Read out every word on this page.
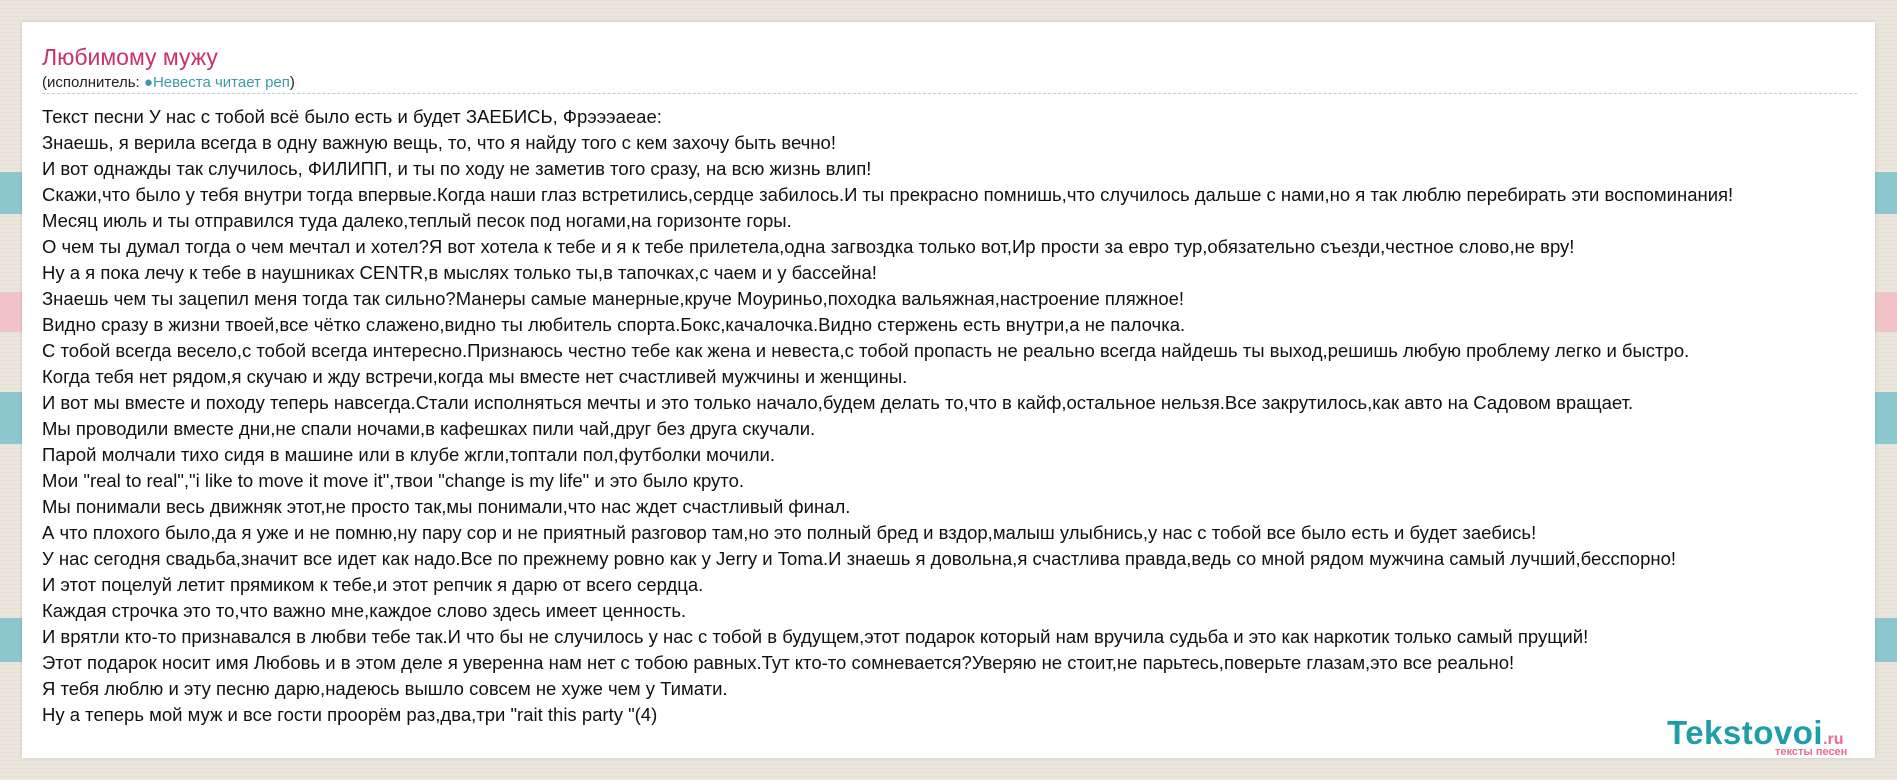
Любимому мужу
(исполнитель: ●Невеста читает реп)
Текст песни У нас с тобой всё было есть и будет ЗАЕБИСЬ, Фрэээаеае:
Знаешь, я верила всегда в одну важную вещь, то, что я найду того с кем захочу быть вечно!
И вот однажды так случилось, ФИЛИПП, и ты по ходу не заметив того сразу, на всю жизнь влип!
Скажи,что было у тебя внутри тогда впервые.Когда наши глаз встретились,сердце забилось.И ты прекрасно помнишь,что случилось дальше с нами,но я так люблю перебирать эти воспоминания!
Месяц июль и ты отправился туда далеко,теплый песок под ногами,на горизонте горы.
О чем ты думал тогда о чем мечтал и хотел?Я вот хотела к тебе и я к тебе прилетела,одна загвоздка только вот,Ир прости за евро тур,обязательно съезди,честное слово,не вру!
Ну а я пока лечу к тебе в наушниках CENTR,в мыслях только ты,в тапочках,с чаем и у бассейна!
Знаешь чем ты зацепил меня тогда так сильно?Манеры самые манерные,круче Моуриньо,походка вальяжная,настроение пляжное!
Видно сразу в жизни твоей,все чётко слажено,видно ты любитель спорта.Бокс,качалочка.Видно стержень есть внутри,а не палочка.
С тобой всегда весело,с тобой всегда интересно.Признаюсь честно тебе как жена и невеста,с тобой пропасть не реально всегда найдешь ты выход,решишь любую проблему легко и быстро.
Когда тебя нет рядом,я скучаю и жду встречи,когда мы вместе нет счастливей мужчины и женщины.
И вот мы вместе и походу теперь навсегда.Стали исполняться мечты и это только начало,будем делать то,что в кайф,остальное нельзя.Все закрутилось,как авто на Садовом вращает.
Мы проводили вместе дни,не спали ночами,в кафешках пили чай,друг без друга скучали.
Парой молчали тихо сидя в машине или в клубе жгли,топтали пол,футболки мочили.
Мои "real to real","i like to move it move it",твои "change is my life" и это было круто.
Мы понимали весь движняк этот,не просто так,мы понимали,что нас ждет счастливый финал.
А что плохого было,да я уже и не помню,ну пару сор и не приятный разговор там,но это полный бред и вздор,малыш улыбнись,у нас с тобой все было есть и будет заебись!
У нас сегодня свадьба,значит все идет как надо.Все по прежнему ровно как у Jerry и Toma.И знаешь я довольна,я счастлива правда,ведь со мной рядом мужчина самый лучший,бесспорно!
И этот поцелуй летит прямиком к тебе,и этот репчик я дарю от всего сердца.
Каждая строчка это то,что важно мне,каждое слово здесь имеет ценность.
И врятли кто-то признавался в любви тебе так.И что бы не случилось у нас с тобой в будущем,этот подарок который нам вручила судьба и это как наркотик только самый прущий!
Этот подарок носит имя Любовь и в этом деле я уверенна нам нет с тобою равных.Тут кто-то сомневается?Уверяю не стоит,не парьтесь,поверьте глазам,это все реально!
Я тебя люблю и эту песню дарю,надеюсь вышло совсем не хуже чем у Тимати.
Ну а теперь мой муж и все гости проорём раз,два,три "rait this party "(4)	Tekstovoi.ru
тексты песен
